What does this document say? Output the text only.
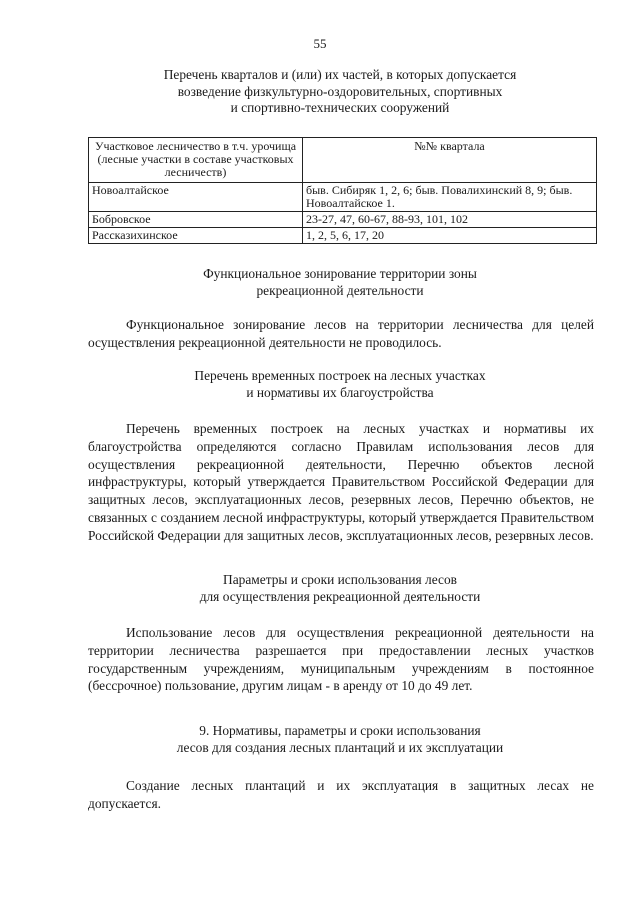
55
Перечень кварталов и (или) их частей, в которых допускается
возведение физкультурно-оздоровительных, спортивных
и спортивно-технических сооружений
Участковое лесничество в т.ч. урочища (лесные участки в составе участковых лесничеств)	№№ квартала
Новоалтайское	быв. Сибиряк 1, 2, 6; быв. Повалихинский 8, 9; быв. Новоалтайское 1.
Бобровское	23-27, 47, 60-67, 88-93, 101, 102
Рассказихинское	1, 2, 5, 6, 17, 20
Функциональное зонирование территории зоны
рекреационной деятельности
Функциональное зонирование лесов на территории лесничества для целей осуществления рекреационной деятельности не проводилось.
Перечень временных построек на лесных участках
и нормативы их благоустройства
Перечень временных построек на лесных участках и нормативы их благоустройства определяются согласно Правилам использования лесов для осуществления рекреационной деятельности, Перечню объектов лесной инфраструктуры, который утверждается Правительством Российской Федерации для защитных лесов, эксплуатационных лесов, резервных лесов, Перечню объектов, не связанных с созданием лесной инфраструктуры, который утверждается Правительством Российской Федерации для защитных лесов, эксплуатационных лесов, резервных лесов.
Параметры и сроки использования лесов
для осуществления рекреационной деятельности
Использование лесов для осуществления рекреационной деятельности на территории лесничества разрешается при предоставлении лесных участков государственным учреждениям, муниципальным учреждениям в постоянное (бессрочное) пользование, другим лицам - в аренду от 10 до 49 лет.
9. Нормативы, параметры и сроки использования
лесов для создания лесных плантаций и их эксплуатации
Создание лесных плантаций и их эксплуатация в защитных лесах не допускается.
